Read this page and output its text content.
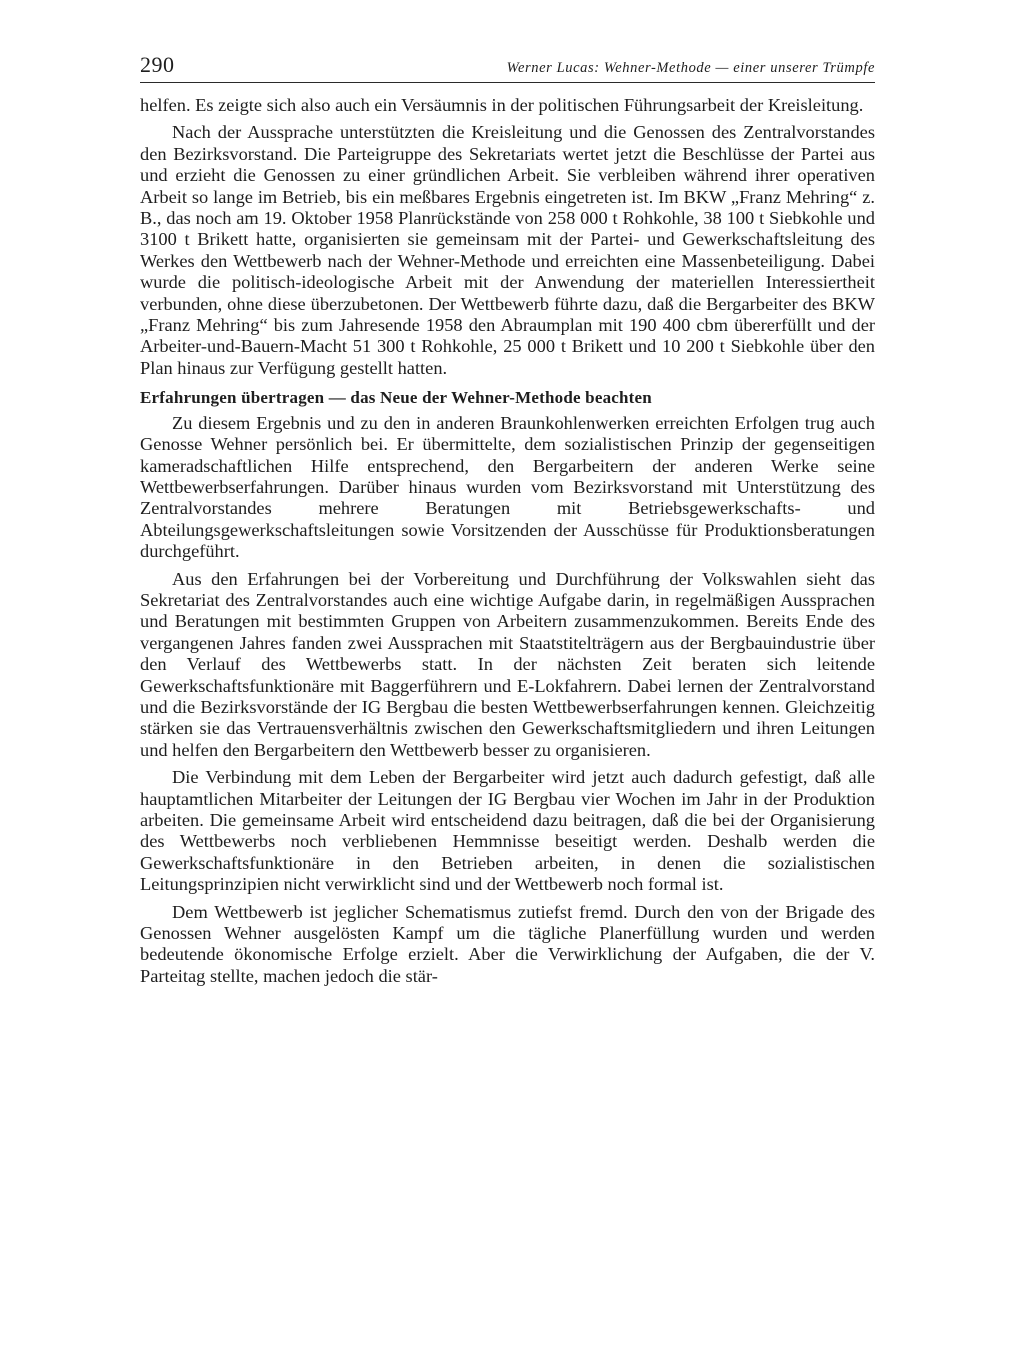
290	Werner Lucas: Wehner-Methode — einer unserer Trümpfe

helfen. Es zeigte sich also auch ein Versäumnis in der politischen Führungsarbeit der Kreisleitung.

Nach der Aussprache unterstützten die Kreisleitung und die Genossen des Zentralvorstandes den Bezirksvorstand. Die Parteigruppe des Sekretariats wertet jetzt die Beschlüsse der Partei aus und erzieht die Genossen zu einer gründlichen Arbeit. Sie verbleiben während ihrer operativen Arbeit so lange im Betrieb, bis ein meßbares Ergebnis eingetreten ist. Im BKW „Franz Mehring“ z. B., das noch am 19. Oktober 1958 Planrückstände von 258 000 t Rohkohle, 38 100 t Siebkohle und 3100 t Brikett hatte, organisierten sie gemeinsam mit der Partei- und Gewerkschaftsleitung des Werkes den Wettbewerb nach der Wehner-Methode und erreichten eine Massenbeteiligung. Dabei wurde die politisch-ideologische Arbeit mit der Anwendung der materiellen Interessiertheit verbunden, ohne diese überzubetonen. Der Wettbewerb führte dazu, daß die Bergarbeiter des BKW „Franz Mehring“ bis zum Jahresende 1958 den Abraumplan mit 190 400 cbm übererfüllt und der Arbeiter-und-Bauern-Macht 51 300 t Rohkohle, 25 000 t Brikett und 10 200 t Siebkohle über den Plan hinaus zur Verfügung gestellt hatten.

Erfahrungen übertragen — das Neue der Wehner-Methode beachten

Zu diesem Ergebnis und zu den in anderen Braunkohlenwerken erreichten Erfolgen trug auch Genosse Wehner persönlich bei. Er übermittelte, dem sozialistischen Prinzip der gegenseitigen kameradschaftlichen Hilfe entsprechend, den Bergarbeitern der anderen Werke seine Wettbewerbserfahrungen. Darüber hinaus wurden vom Bezirksvorstand mit Unterstützung des Zentralvorstandes mehrere Beratungen mit Betriebsgewerkschafts- und Abteilungsgewerkschaftsleitungen sowie Vorsitzenden der Ausschüsse für Produktionsberatungen durchgeführt.

Aus den Erfahrungen bei der Vorbereitung und Durchführung der Volkswahlen sieht das Sekretariat des Zentralvorstandes auch eine wichtige Aufgabe darin, in regelmäßigen Aussprachen und Beratungen mit bestimmten Gruppen von Arbeitern zusammenzukommen. Bereits Ende des vergangenen Jahres fanden zwei Aussprachen mit Staatstitelträgern aus der Bergbauindustrie über den Verlauf des Wettbewerbs statt. In der nächsten Zeit beraten sich leitende Gewerkschaftsfunktionäre mit Baggerführern und E-Lokfahrern. Dabei lernen der Zentralvorstand und die Bezirksvorstände der IG Bergbau die besten Wettbewerbserfahrungen kennen. Gleichzeitig stärken sie das Vertrauensverhältnis zwischen den Gewerkschaftsmitgliedern und ihren Leitungen und helfen den Bergarbeitern den Wettbewerb besser zu organisieren.

Die Verbindung mit dem Leben der Bergarbeiter wird jetzt auch dadurch gefestigt, daß alle hauptamtlichen Mitarbeiter der Leitungen der IG Bergbau vier Wochen im Jahr in der Produktion arbeiten. Die gemeinsame Arbeit wird entscheidend dazu beitragen, daß die bei der Organisierung des Wettbewerbs noch verbliebenen Hemmnisse beseitigt werden. Deshalb werden die Gewerkschaftsfunktionäre in den Betrieben arbeiten, in denen die sozialistischen Leitungsprinzipien nicht verwirklicht sind und der Wettbewerb noch formal ist.

Dem Wettbewerb ist jeglicher Schematismus zutiefst fremd. Durch den von der Brigade des Genossen Wehner ausgelösten Kampf um die tägliche Planerfüllung wurden und werden bedeutende ökonomische Erfolge erzielt. Aber die Verwirklichung der Aufgaben, die der V. Parteitag stellte, machen jedoch die stär-
